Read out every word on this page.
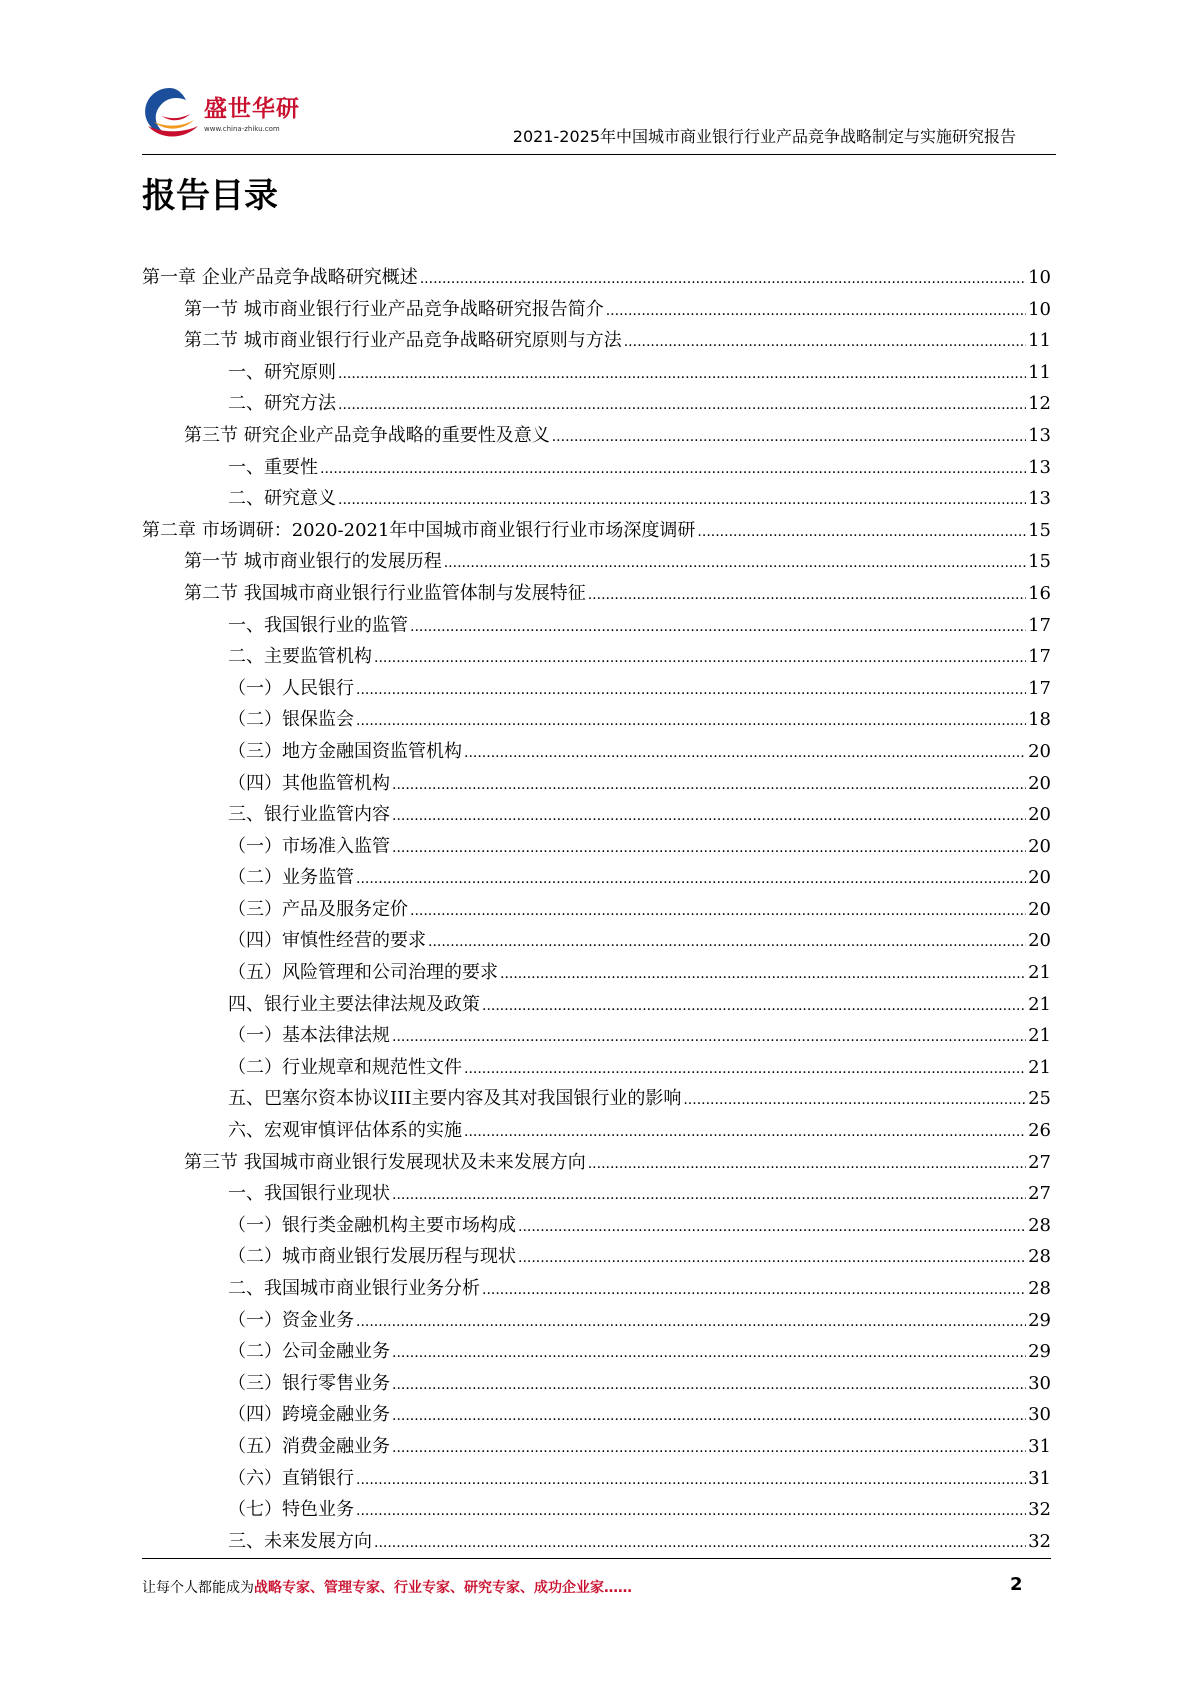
盛世华研
www.china-zhiku.com	2021-2025年中国城市商业银行行业产品竞争战略制定与实施研究报告
报告目录
第一章 企业产品竞争战略研究概述 .....	10
第一节 城市商业银行行业产品竞争战略研究报告简介 .....	10
第二节 城市商业银行行业产品竞争战略研究原则与方法 .....	11
一、研究原则 .....	11
二、研究方法 .....	12
第三节 研究企业产品竞争战略的重要性及意义 .....	13
一、重要性 .....	13
二、研究意义 .....	13
第二章 市场调研：2020-2021年中国城市商业银行行业市场深度调研 .....	15
第一节 城市商业银行的发展历程 .....	15
第二节 我国城市商业银行行业监管体制与发展特征 .....	16
一、我国银行业的监管 .....	17
二、主要监管机构 .....	17
（一）人民银行 .....	17
（二）银保监会 .....	18
（三）地方金融国资监管机构 .....	20
（四）其他监管机构 .....	20
三、银行业监管内容 .....	20
（一）市场准入监管 .....	20
（二）业务监管 .....	20
（三）产品及服务定价 .....	20
（四）审慎性经营的要求 .....	20
（五）风险管理和公司治理的要求 .....	21
四、银行业主要法律法规及政策 .....	21
（一）基本法律法规 .....	21
（二）行业规章和规范性文件 .....	21
五、巴塞尔资本协议III主要内容及其对我国银行业的影响 .....	25
六、宏观审慎评估体系的实施 .....	26
第三节 我国城市商业银行发展现状及未来发展方向 .....	27
一、我国银行业现状 .....	27
（一）银行类金融机构主要市场构成 .....	28
（二）城市商业银行发展历程与现状 .....	28
二、我国城市商业银行业务分析 .....	28
（一）资金业务 .....	29
（二）公司金融业务 .....	29
（三）银行零售业务 .....	30
（四）跨境金融业务 .....	30
（五）消费金融业务 .....	31
（六）直销银行 .....	31
（七）特色业务 .....	32
三、未来发展方向 .....	32
让每个人都能成为战略专家、管理专家、行业专家、研究专家、成功企业家……	2
